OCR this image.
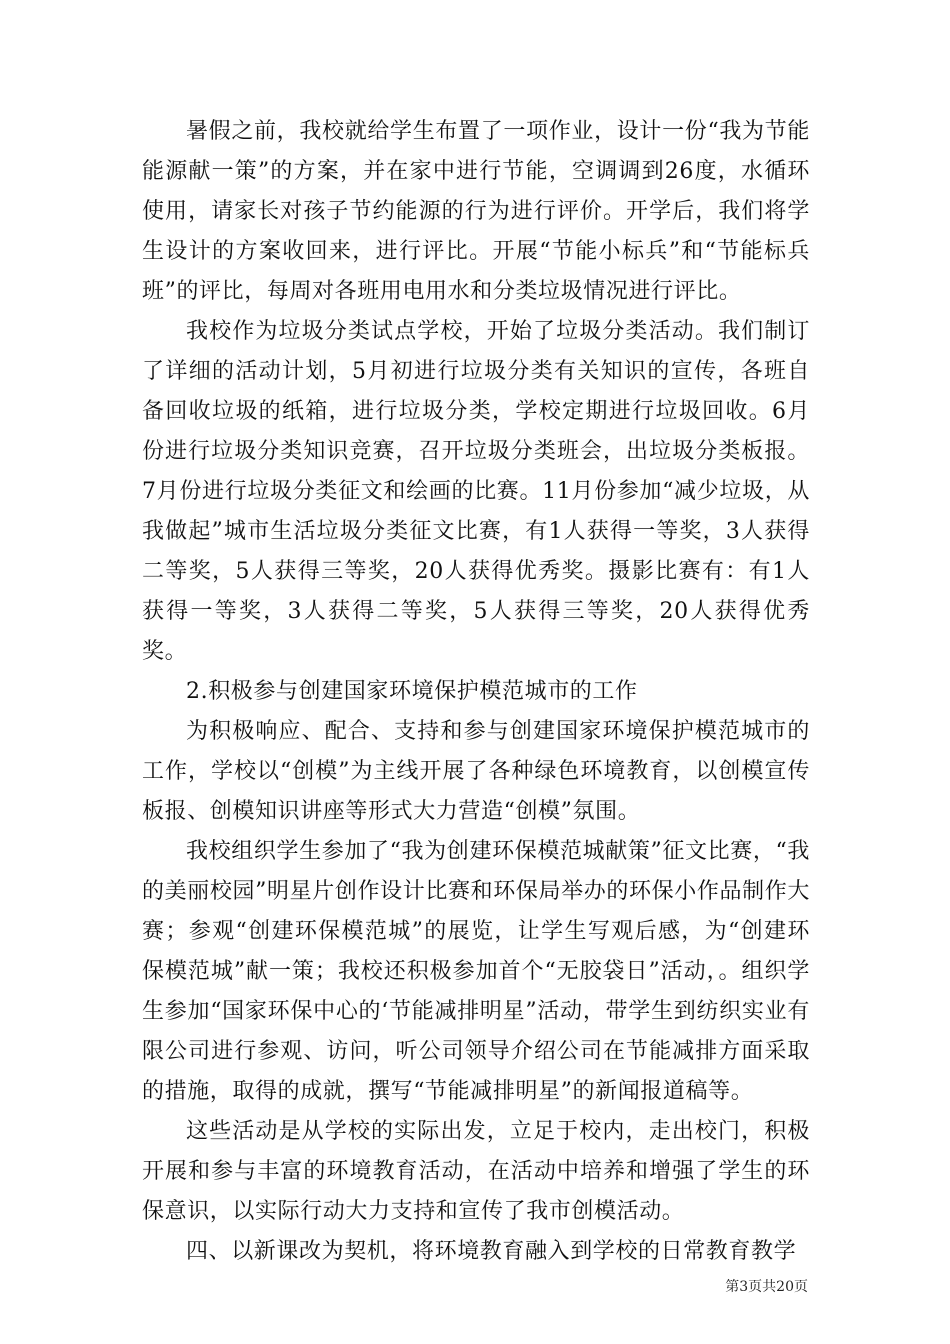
暑假之前，我校就给学生布置了一项作业，设计一份“我为节能能源献一策”的方案，并在家中进行节能，空调调到26度，水循环使用，请家长对孩子节约能源的行为进行评价。开学后，我们将学生设计的方案收回来，进行评比。开展“节能小标兵”和“节能标兵班”的评比，每周对各班用电用水和分类垃圾情况进行评比。

我校作为垃圾分类试点学校，开始了垃圾分类活动。我们制订了详细的活动计划，5月初进行垃圾分类有关知识的宣传，各班自备回收垃圾的纸箱，进行垃圾分类，学校定期进行垃圾回收。6月份进行垃圾分类知识竞赛，召开垃圾分类班会，出垃圾分类板报。7月份进行垃圾分类征文和绘画的比赛。11月份参加“减少垃圾，从我做起”城市生活垃圾分类征文比赛，有1人获得一等奖，3人获得二等奖，5人获得三等奖，20人获得优秀奖。摄影比赛有：有1人获得一等奖，3人获得二等奖，5人获得三等奖，20人获得优秀奖。

2.积极参与创建国家环境保护模范城市的工作

为积极响应、配合、支持和参与创建国家环境保护模范城市的工作，学校以“创模”为主线开展了各种绿色环境教育，以创模宣传板报、创模知识讲座等形式大力营造“创模”氛围。

我校组织学生参加了“我为创建环保模范城献策”征文比赛，“我的美丽校园”明星片创作设计比赛和环保局举办的环保小作品制作大赛；参观“创建环保模范城”的展览，让学生写观后感，为“创建环保模范城”献一策；我校还积极参加首个“无胶袋日”活动，。组织学生参加“国家环保中心的‘节能减排明星”活动，带学生到纺织实业有限公司进行参观、访问，听公司领导介绍公司在节能减排方面采取的措施，取得的成就，撰写“节能减排明星”的新闻报道稿等。

这些活动是从学校的实际出发，立足于校内，走出校门，积极开展和参与丰富的环境教育活动，在活动中培养和增强了学生的环保意识，以实际行动大力支持和宣传了我市创模活动。

四、以新课改为契机，将环境教育融入到学校的日常教育教学

第3页共20页
